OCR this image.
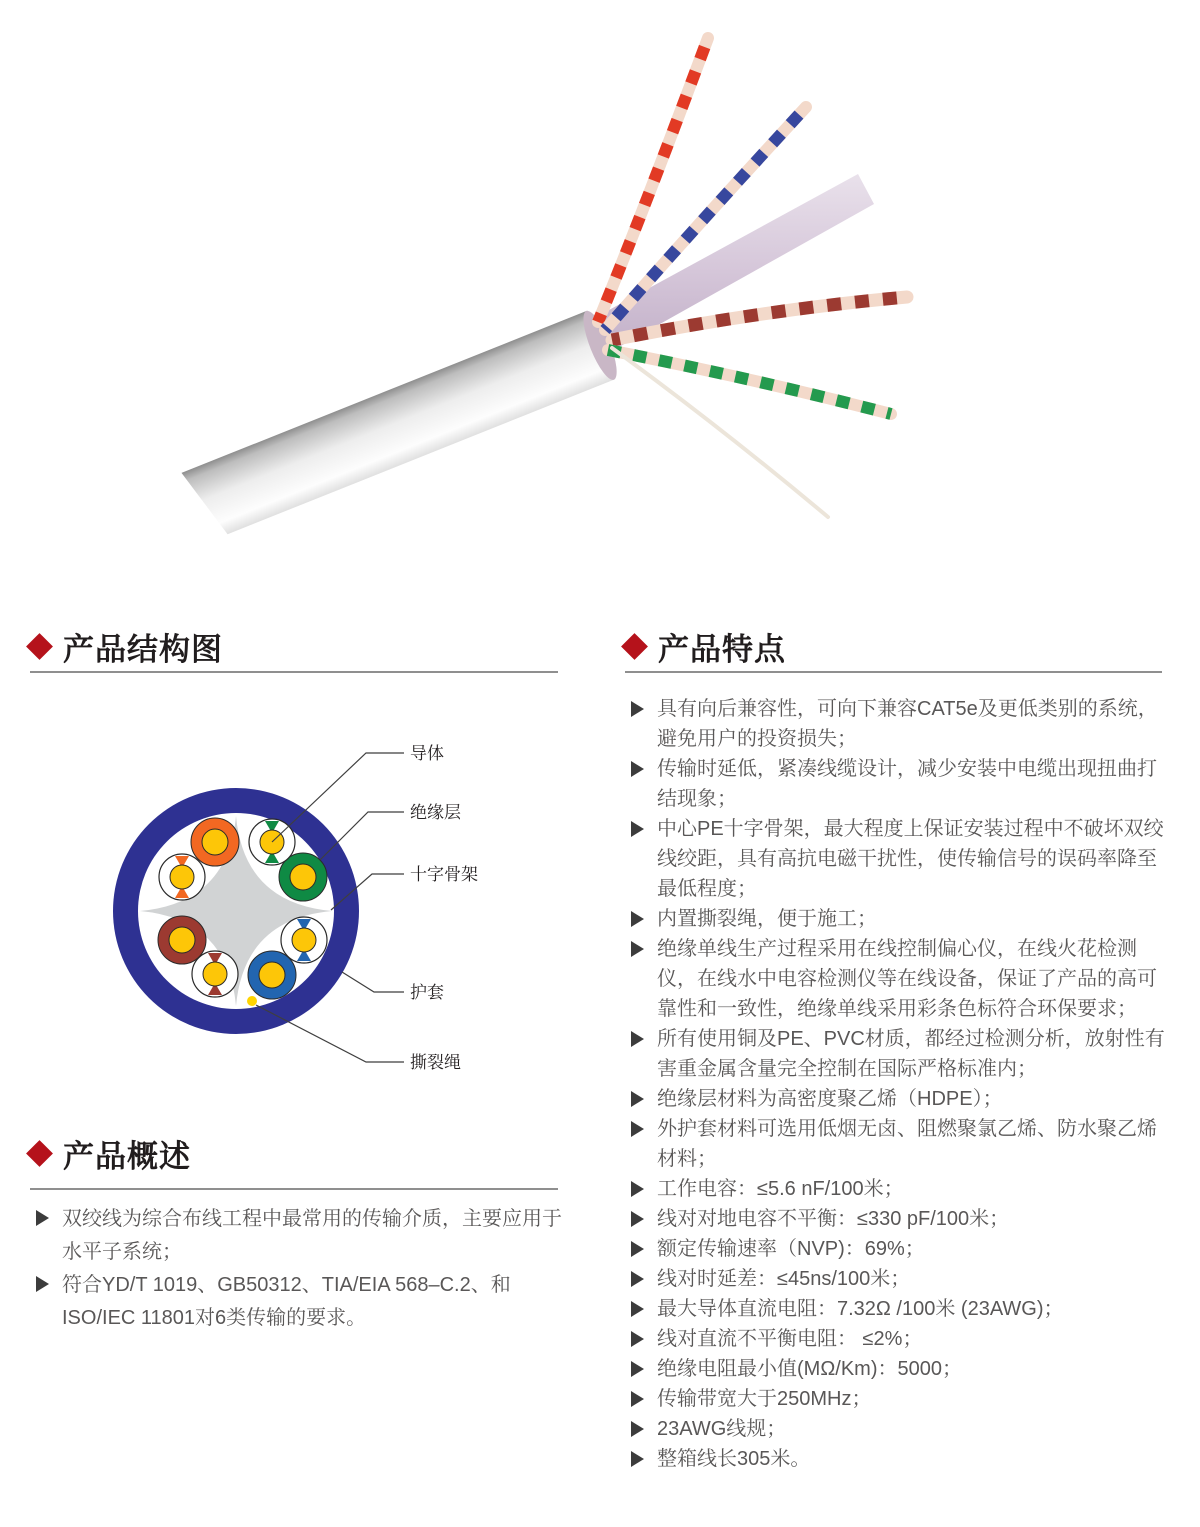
产品结构图
导体
绝缘层
十字骨架
护套
撕裂绳
产品概述
双绞线为综合布线工程中最常用的传输介质，主要应用于水平子系统；
符合YD/T 1019、GB50312、TIA/EIA 568–C.2、和ISO/IEC 11801对6类传输的要求。
产品特点
具有向后兼容性，可向下兼容CAT5e及更低类别的系统，避免用户的投资损失；
传输时延低，紧凑线缆设计，减少安装中电缆出现扭曲打结现象；
中心PE十字骨架，最大程度上保证安装过程中不破坏双绞线绞距，具有高抗电磁干扰性，使传输信号的误码率降至最低程度；
内置撕裂绳，便于施工；
绝缘单线生产过程采用在线控制偏心仪，在线火花检测仪，在线水中电容检测仪等在线设备，保证了产品的高可靠性和一致性，绝缘单线采用彩条色标符合环保要求；
所有使用铜及PE、PVC材质，都经过检测分析，放射性有害重金属含量完全控制在国际严格标准内；
绝缘层材料为高密度聚乙烯（HDPE）；
外护套材料可选用低烟无卤、阻燃聚氯乙烯、防水聚乙烯材料；
工作电容：≤5.6 nF/100米；
线对对地电容不平衡：≤330 pF/100米；
额定传输速率（NVP)：69%；
线对时延差：≤45ns/100米；
最大导体直流电阻：7.32Ω /100米 (23AWG)；
线对直流不平衡电阻： ≤2%；
绝缘电阻最小值(MΩ/Km)：5000；
传输带宽大于250MHz；
23AWG线规；
整箱线长305米。
